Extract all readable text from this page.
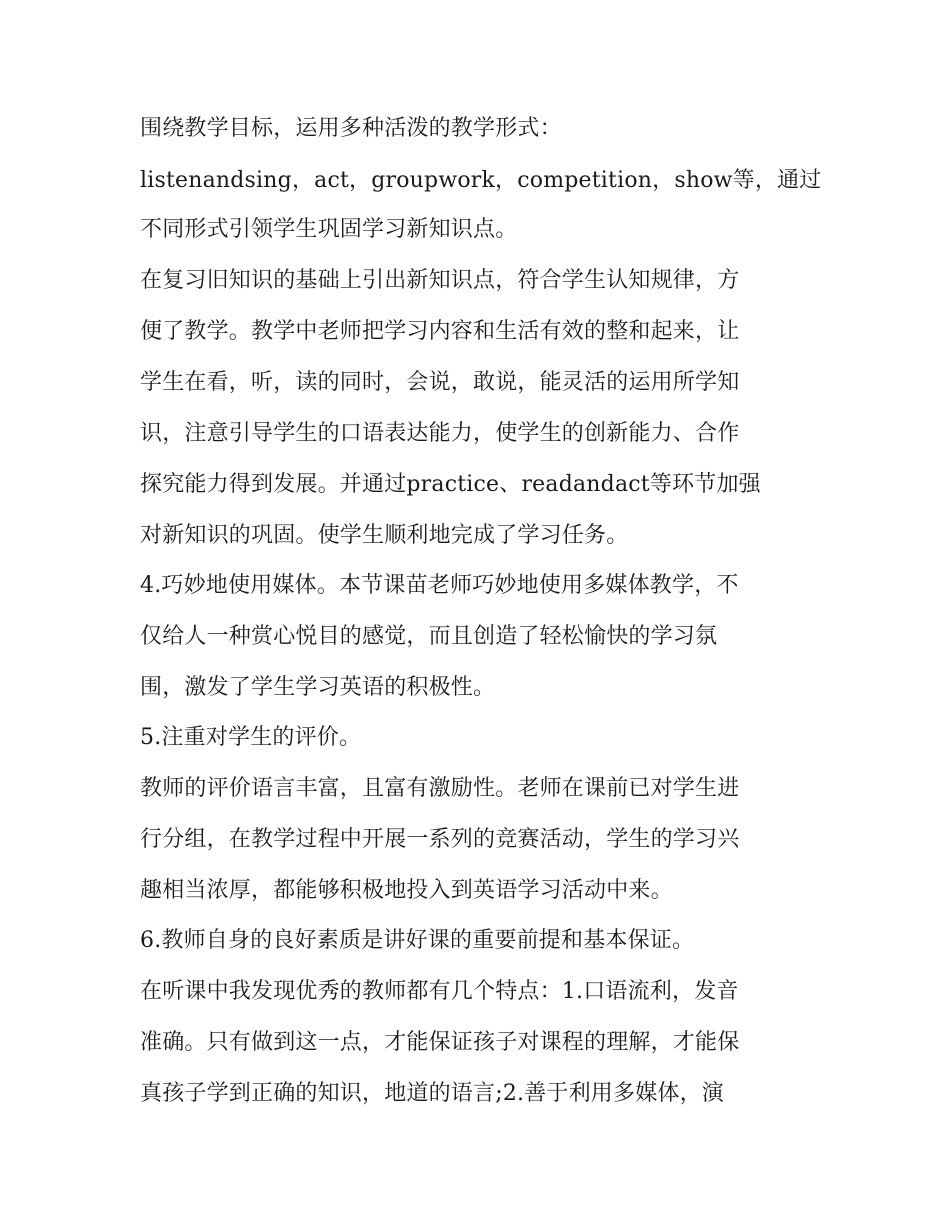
围绕教学目标，运用多种活泼的教学形式：
listenandsing，act，groupwork，competition，show等，通过
不同形式引领学生巩固学习新知识点。
在复习旧知识的基础上引出新知识点，符合学生认知规律，方
便了教学。教学中老师把学习内容和生活有效的整和起来，让
学生在看，听，读的同时，会说，敢说，能灵活的运用所学知
识，注意引导学生的口语表达能力，使学生的创新能力、合作
探究能力得到发展。并通过practice、readandact等环节加强
对新知识的巩固。使学生顺利地完成了学习任务。
4.巧妙地使用媒体。本节课苗老师巧妙地使用多媒体教学，不
仅给人一种赏心悦目的感觉，而且创造了轻松愉快的学习氛
围，激发了学生学习英语的积极性。
5.注重对学生的评价。
教师的评价语言丰富，且富有激励性。老师在课前已对学生进
行分组，在教学过程中开展一系列的竞赛活动，学生的学习兴
趣相当浓厚，都能够积极地投入到英语学习活动中来。
6.教师自身的良好素质是讲好课的重要前提和基本保证。
在听课中我发现优秀的教师都有几个特点：1.口语流利，发音
准确。只有做到这一点，才能保证孩子对课程的理解，才能保
真孩子学到正确的知识，地道的语言;2.善于利用多媒体，演
